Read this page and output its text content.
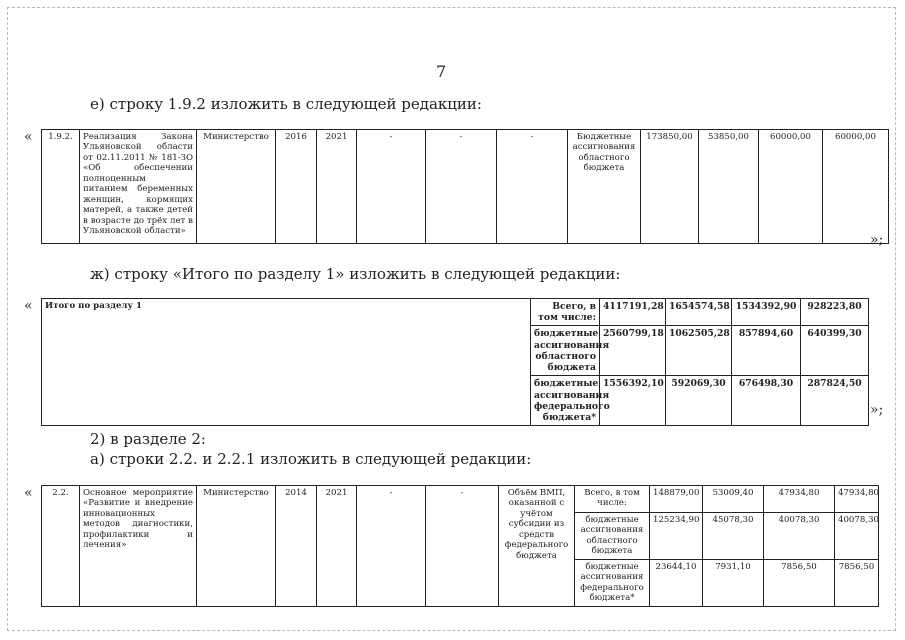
7
е) строку 1.9.2 изложить в следующей редакции:
« 1.9.2.	Реализация Закона Ульяновской области от 02.11.2011 № 181-ЗО «Об обеспечении полноценным питанием беременных женщин, кормящих матерей, а также детей в возрасте до трёх лет в Ульяновской области»	Министерство	2016	2021	-	-	-	Бюджетные ассигнования областного бюджета	173850,00	53850,00	60000,00	60000,00
»;
ж) строку «Итого по разделу 1» изложить в следующей редакции:
« Итого по разделу 1	Всего, в том числе:	4117191,28	1654574,58	1534392,90	928223,80
	бюджетные ассигнования областного бюджета	2560799,18	1062505,28	857894,60	640399,30
	бюджетные ассигнования федерального бюджета*	1556392,10	592069,30	676498,30	287824,50
»;
2) в разделе 2:
а) строки 2.2. и 2.2.1 изложить в следующей редакции:
« 2.2.	Основное мероприятие «Развитие и внедрение инновационных методов диагностики, профилактики и лечения»	Министерство	2014	2021	-	-	Объём ВМП, оказанной с учётом субсидии из средств федерального бюджета	Всего, в том числе:	148879,00	53009,40	47934,80	47934,80
								бюджетные ассигнования областного бюджета	125234,90	45078,30	40078,30	40078,30
								бюджетные ассигнования федерального бюджета*	23644,10	7931,10	7856,50	7856,50
